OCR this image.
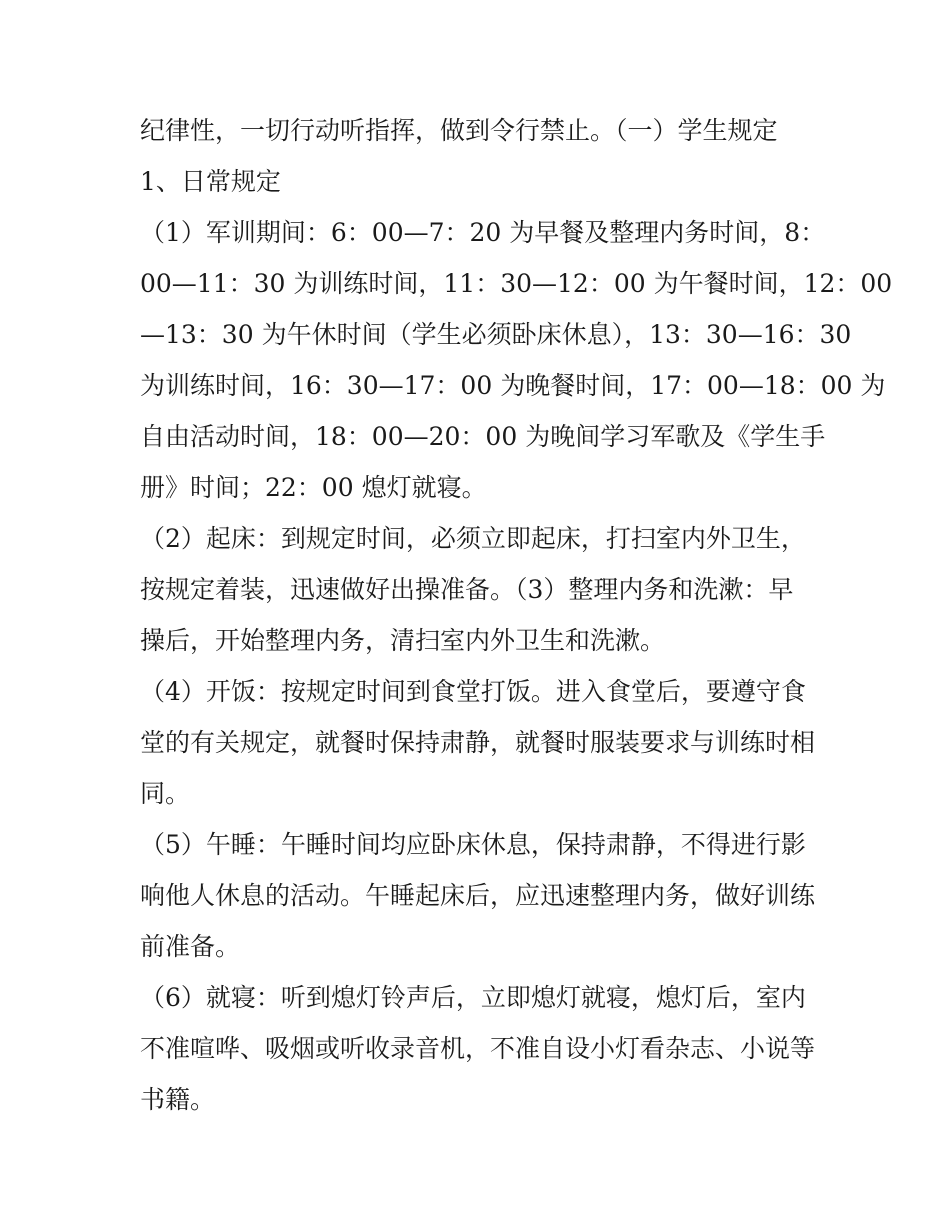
纪律性，一切行动听指挥，做到令行禁止。（一）学生规定
1、日常规定
（1）军训期间：6：00—7：20 为早餐及整理内务时间，8：
00—11：30 为训练时间，11：30—12：00 为午餐时间，12：00
—13：30 为午休时间（学生必须卧床休息），13：30—16：30
为训练时间，16：30—17：00 为晚餐时间，17：00—18：00 为
自由活动时间，18：00—20：00 为晚间学习军歌及《学生手
册》时间；22：00 熄灯就寝。
（2）起床：到规定时间，必须立即起床，打扫室内外卫生，
按规定着装，迅速做好出操准备。（3）整理内务和洗漱：早
操后，开始整理内务，清扫室内外卫生和洗漱。
（4）开饭：按规定时间到食堂打饭。进入食堂后，要遵守食
堂的有关规定，就餐时保持肃静，就餐时服装要求与训练时相
同。
（5）午睡：午睡时间均应卧床休息，保持肃静，不得进行影
响他人休息的活动。午睡起床后，应迅速整理内务，做好训练
前准备。
（6）就寝：听到熄灯铃声后，立即熄灯就寝，熄灯后，室内
不准喧哗、吸烟或听收录音机，不准自设小灯看杂志、小说等
书籍。
